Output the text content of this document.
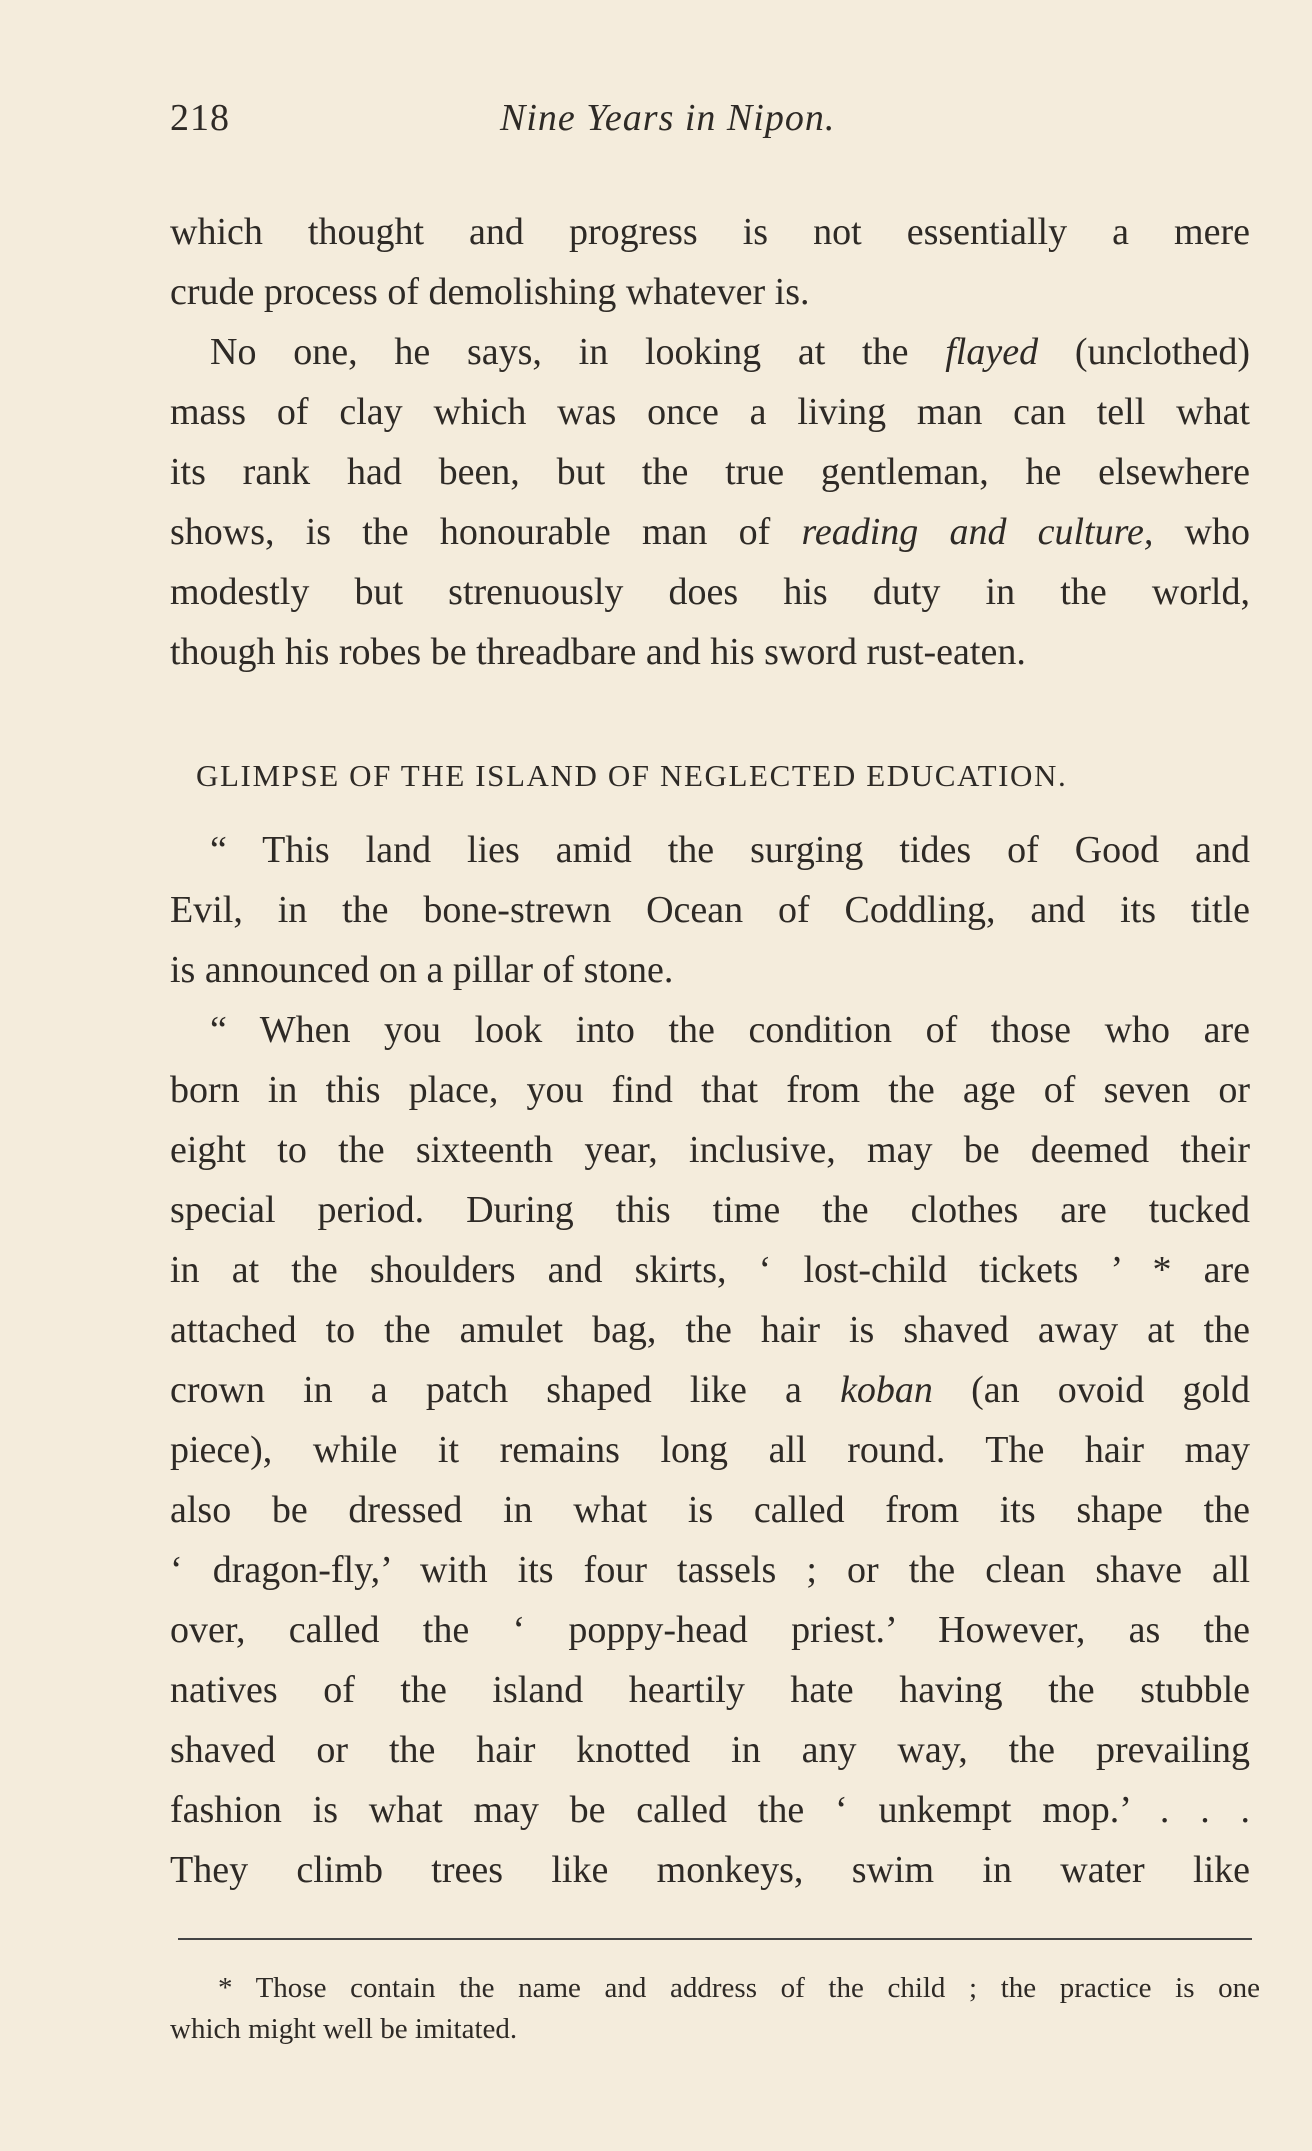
218	Nine Years in Nipon.
which thought and progress is not essentially a mere
crude process of demolishing whatever is.
No one, he says, in looking at the flayed (unclothed)
mass of clay which was once a living man can tell what
its rank had been, but the true gentleman, he elsewhere
shows, is the honourable man of reading and culture, who
modestly but strenuously does his duty in the world,
though his robes be threadbare and his sword rust-eaten.
GLIMPSE OF THE ISLAND OF NEGLECTED EDUCATION.
“ This land lies amid the surging tides of Good and
Evil, in the bone-strewn Ocean of Coddling, and its title
is announced on a pillar of stone.
“ When you look into the condition of those who are
born in this place, you find that from the age of seven or
eight to the sixteenth year, inclusive, may be deemed their
special period. During this time the clothes are tucked
in at the shoulders and skirts, ‘ lost-child tickets ’ * are
attached to the amulet bag, the hair is shaved away at the
crown in a patch shaped like a koban (an ovoid gold
piece), while it remains long all round. The hair may
also be dressed in what is called from its shape the
‘ dragon-fly,’ with its four tassels ; or the clean shave all
over, called the ‘ poppy-head priest.’ However, as the
natives of the island heartily hate having the stubble
shaved or the hair knotted in any way, the prevailing
fashion is what may be called the ‘ unkempt mop.’ . . .
They climb trees like monkeys, swim in water like
* Those contain the name and address of the child ; the practice is one
which might well be imitated.
